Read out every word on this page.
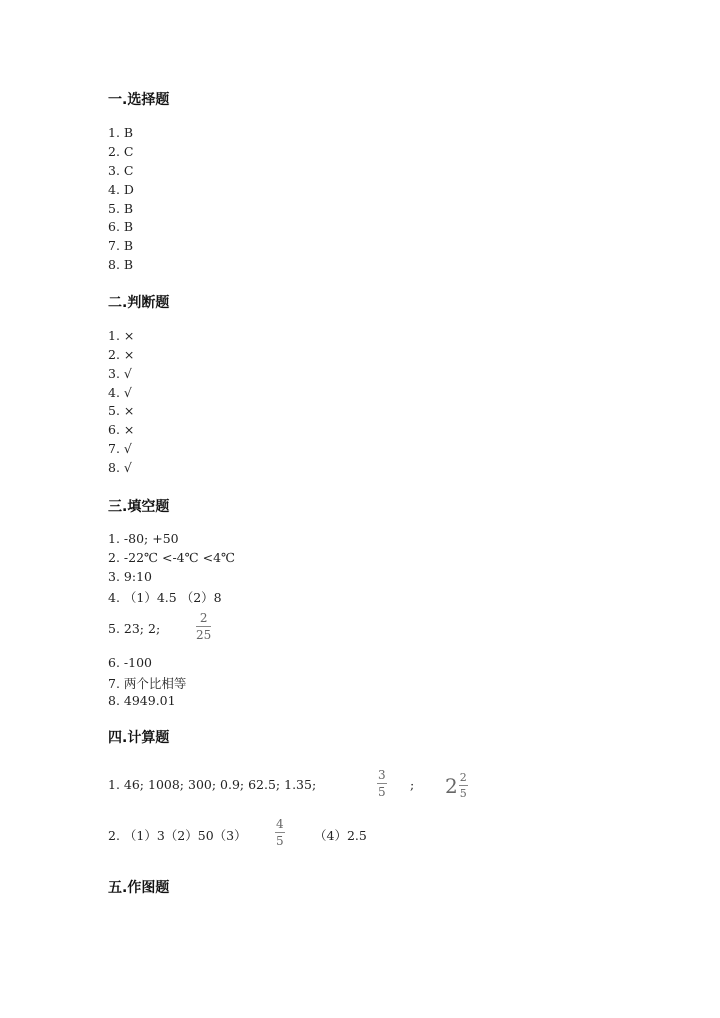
一.选择题
1. B
2. C
3. C
4. D
5. B
6. B
7. B
8. B
二.判断题
1. ×
2. ×
3. √
4. √
5. ×
6. ×
7. √
8. √
三.填空题
1. -80; +50
2. -22℃ <-4℃ <4℃
3. 9:10
4. （1）4.5 （2）8
5. 23; 2;
2
25
6. -100
7. 两个比相等
8. 4949.01
四.计算题
1. 46; 1008; 300; 0.9; 62.5; 1.35;
3
5 ; $2 \frac{2}{5}$
2. （1）3（2）50（3）
4
5 （4）2.5
五.作图题
